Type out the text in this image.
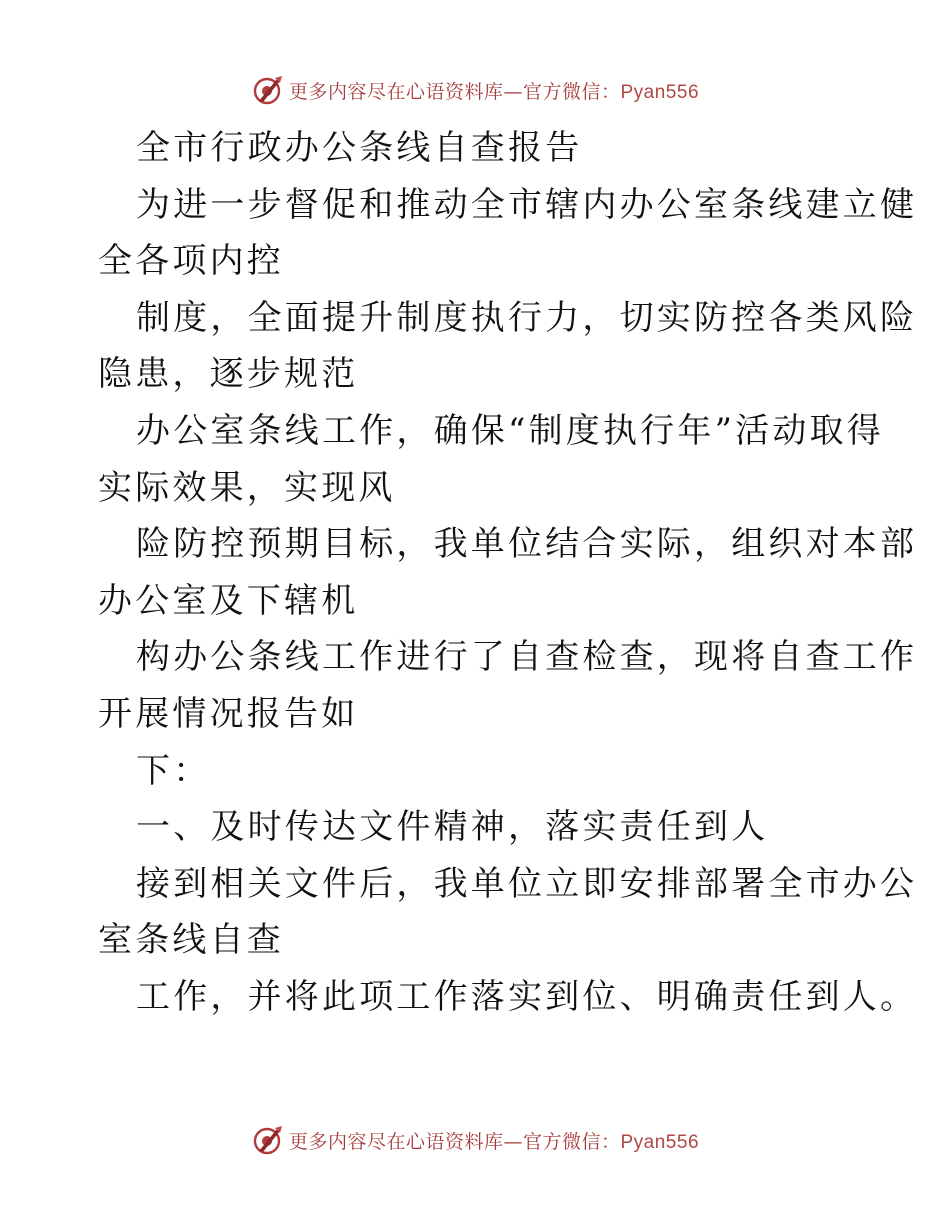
更多内容尽在心语资料库—官方微信：Pyan556
全市行政办公条线自查报告
为进一步督促和推动全市辖内办公室条线建立健
全各项内控
制度，全面提升制度执行力，切实防控各类风险
隐患，逐步规范
办公室条线工作，确保“制度执行年”活动取得
实际效果，实现风
险防控预期目标，我单位结合实际，组织对本部
办公室及下辖机
构办公条线工作进行了自查检查，现将自查工作
开展情况报告如
下：
一、及时传达文件精神，落实责任到人
接到相关文件后，我单位立即安排部署全市办公
室条线自查
工作，并将此项工作落实到位、明确责任到人。
更多内容尽在心语资料库—官方微信：Pyan556
